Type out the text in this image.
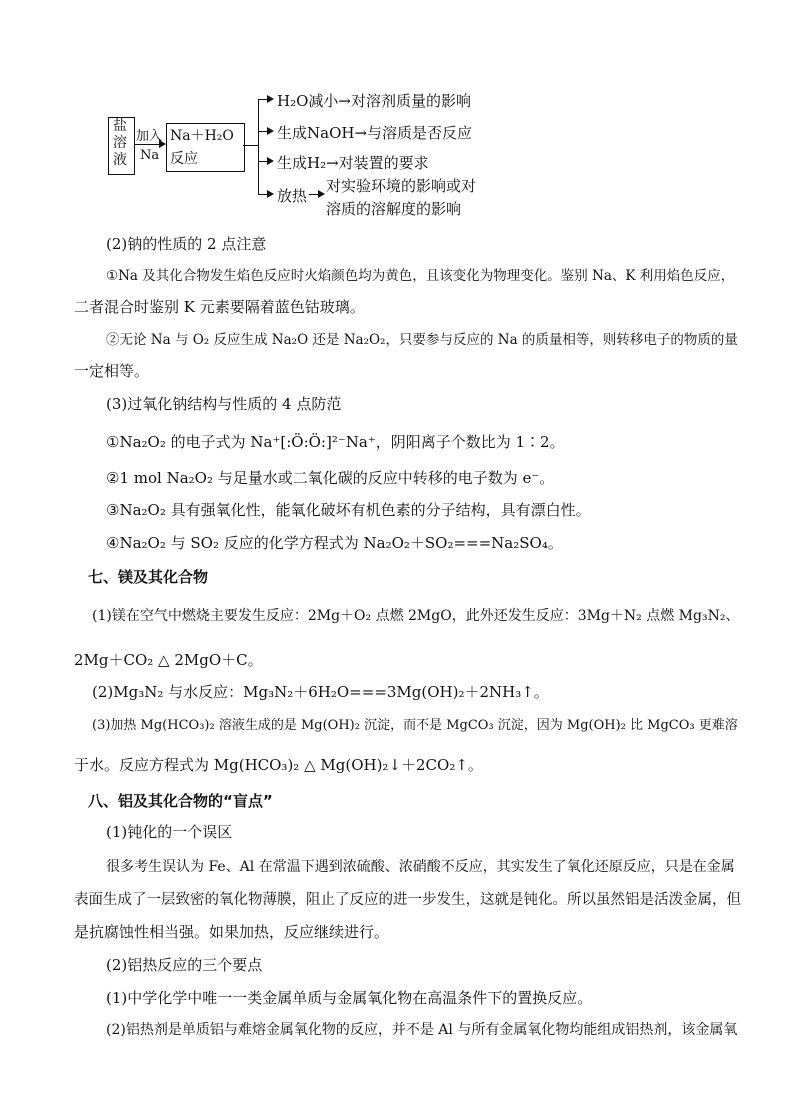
盐
溶
液
加入
Na
Na＋H₂O
反应
H₂O减小→对溶剂质量的影响
生成NaOH→与溶质是否反应
生成H₂→对装置的要求
放热
对实验环境的影响或对
溶质的溶解度的影响
(2)钠的性质的 2 点注意
①Na 及其化合物发生焰色反应时火焰颜色均为黄色，且该变化为物理变化。鉴别 Na、K 利用焰色反应，
二者混合时鉴别 K 元素要隔着蓝色钴玻璃。
②无论 Na 与 O₂ 反应生成 Na₂O 还是 Na₂O₂，只要参与反应的 Na 的质量相等，则转移电子的物质的量
一定相等。
(3)过氧化钠结构与性质的 4 点防范
①Na₂O₂ 的电子式为 Na⁺[:Ö:Ö:]²⁻Na⁺，阴阳离子个数比为 1∶2。
②1 mol Na₂O₂ 与足量水或二氧化碳的反应中转移的电子数为 e⁻。
③Na₂O₂ 具有强氧化性，能氧化破坏有机色素的分子结构，具有漂白性。
④Na₂O₂ 与 SO₂ 反应的化学方程式为 Na₂O₂＋SO₂===Na₂SO₄。
七、镁及其化合物
(1)镁在空气中燃烧主要发生反应：2Mg＋O₂ 点燃 2MgO，此外还发生反应：3Mg＋N₂ 点燃 Mg₃N₂、
2Mg＋CO₂ △ 2MgO＋C。
(2)Mg₃N₂ 与水反应：Mg₃N₂＋6H₂O===3Mg(OH)₂＋2NH₃↑。
(3)加热 Mg(HCO₃)₂ 溶液生成的是 Mg(OH)₂ 沉淀，而不是 MgCO₃ 沉淀，因为 Mg(OH)₂ 比 MgCO₃ 更难溶
于水。反应方程式为 Mg(HCO₃)₂ △ Mg(OH)₂↓＋2CO₂↑。
八、铝及其化合物的“盲点”
(1)钝化的一个误区
很多考生误认为 Fe、Al 在常温下遇到浓硫酸、浓硝酸不反应，其实发生了氧化还原反应，只是在金属
表面生成了一层致密的氧化物薄膜，阻止了反应的进一步发生，这就是钝化。所以虽然铝是活泼金属，但
是抗腐蚀性相当强。如果加热，反应继续进行。
(2)铝热反应的三个要点
(1)中学化学中唯一一类金属单质与金属氧化物在高温条件下的置换反应。
(2)铝热剂是单质铝与难熔金属氧化物的反应，并不是 Al 与所有金属氧化物均能组成铝热剂，该金属氧
